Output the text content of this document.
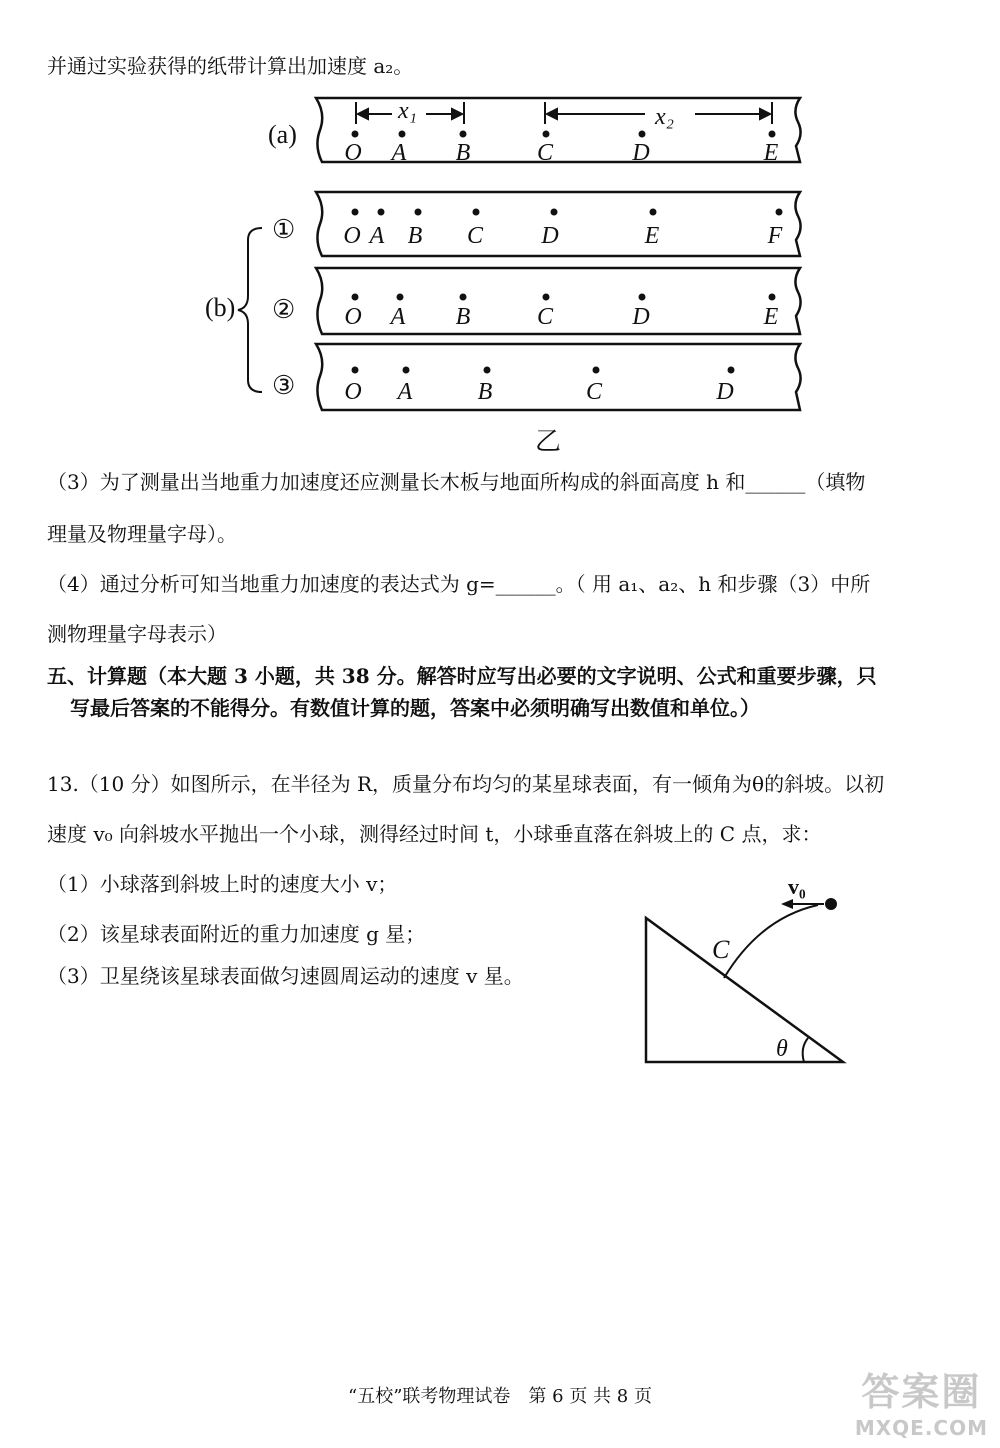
并通过实验获得的纸带计算出加速度 a₂。
(a)
(b)
①
②
③
乙
x₁	x₂
O A B	C	D	E
O A B C D	E	F
O A B	C	D	E
O A	B	C	D
（3）为了测量出当地重力加速度还应测量长木板与地面所构成的斜面高度 h 和______（填物
理量及物理量字母）。
（4）通过分析可知当地重力加速度的表达式为 g=______。（ 用 a₁、a₂、h 和步骤（3）中所
测物理量字母表示）
五、计算题（本大题 3 小题，共 38 分。解答时应写出必要的文字说明、公式和重要步骤，只
写最后答案的不能得分。有数值计算的题，答案中必须明确写出数值和单位。）
13.（10 分）如图所示，在半径为 R，质量分布均匀的某星球表面，有一倾角为θ的斜坡。以初
速度 v₀ 向斜坡水平抛出一个小球，测得经过时间 t，小球垂直落在斜坡上的 C 点，求：
（1）小球落到斜坡上时的速度大小 v；
（2）该星球表面附近的重力加速度 g 星；
（3）卫星绕该星球表面做匀速圆周运动的速度 v 星。
v₀
C
θ
“五校”联考物理试卷　第 6 页 共 8 页	答案圈
MXQE.COM
